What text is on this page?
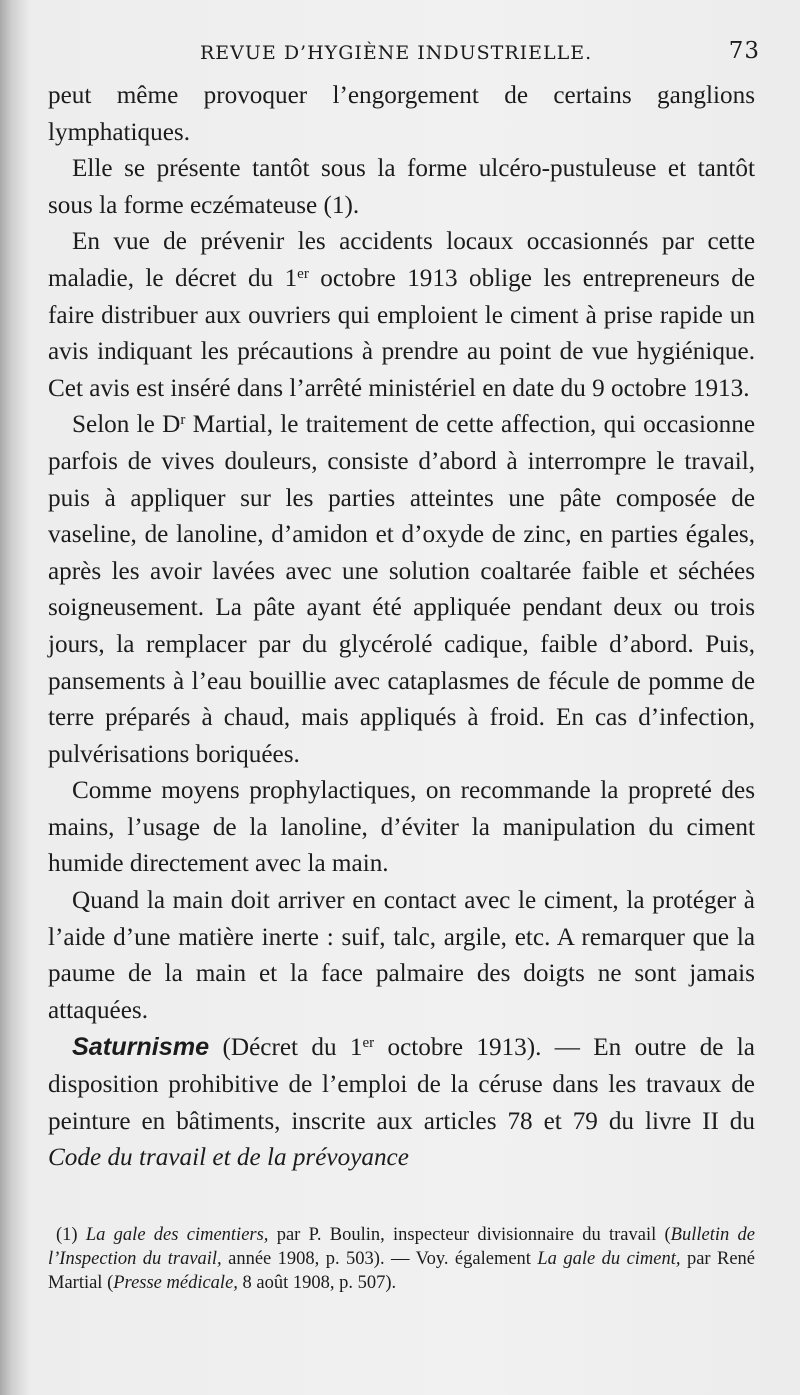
REVUE D’HYGIÈNE INDUSTRIELLE.	73

peut même provoquer l’engorgement de certains ganglions lymphatiques.

Elle se présente tantôt sous la forme ulcéro-pustuleuse et tantôt sous la forme eczémateuse (1).

En vue de prévenir les accidents locaux occasionnés par cette maladie, le décret du 1er octobre 1913 oblige les entrepreneurs de faire distribuer aux ouvriers qui emploient le ciment à prise rapide un avis indiquant les précautions à prendre au point de vue hygiénique. Cet avis est inséré dans l’arrêté ministériel en date du 9 octobre 1913.

Selon le $D^r$ Martial, le traitement de cette affection, qui occasionne parfois de vives douleurs, consiste d’abord à interrompre le travail, puis à appliquer sur les parties atteintes une pâte composée de vaseline, de lanoline, d’amidon et d’oxyde de zinc, en parties égales, après les avoir lavées avec une solution coaltarée faible et séchées soigneusement. La pâte ayant été appliquée pendant deux ou trois jours, la remplacer par du glycérolé cadique, faible d’abord. Puis, pansements à l’eau bouillie avec cataplasmes de fécule de pomme de terre préparés à chaud, mais appliqués à froid. En cas d’infection, pulvérisations boriquées.

Comme moyens prophylactiques, on recommande la propreté des mains, l’usage de la lanoline, d’éviter la manipulation du ciment humide directement avec la main.

Quand la main doit arriver en contact avec le ciment, la protéger à l’aide d’une matière inerte : suif, talc, argile, etc. A remarquer que la paume de la main et la face palmaire des doigts ne sont jamais attaquées.

Saturnisme (Décret du 1er octobre 1913). — En outre de la disposition prohibitive de l’emploi de la céruse dans les travaux de peinture en bâtiments, inscrite aux articles 78 et 79 du livre II du Code du travail et de la prévoyance

(1) La gale des cimentiers, par P. Boulin, inspecteur divisionnaire du travail (Bulletin de l’Inspection du travail, année 1908, p. 503). — Voy. également La gale du ciment, par René Martial (Presse médicale, 8 août 1908, p. 507).
